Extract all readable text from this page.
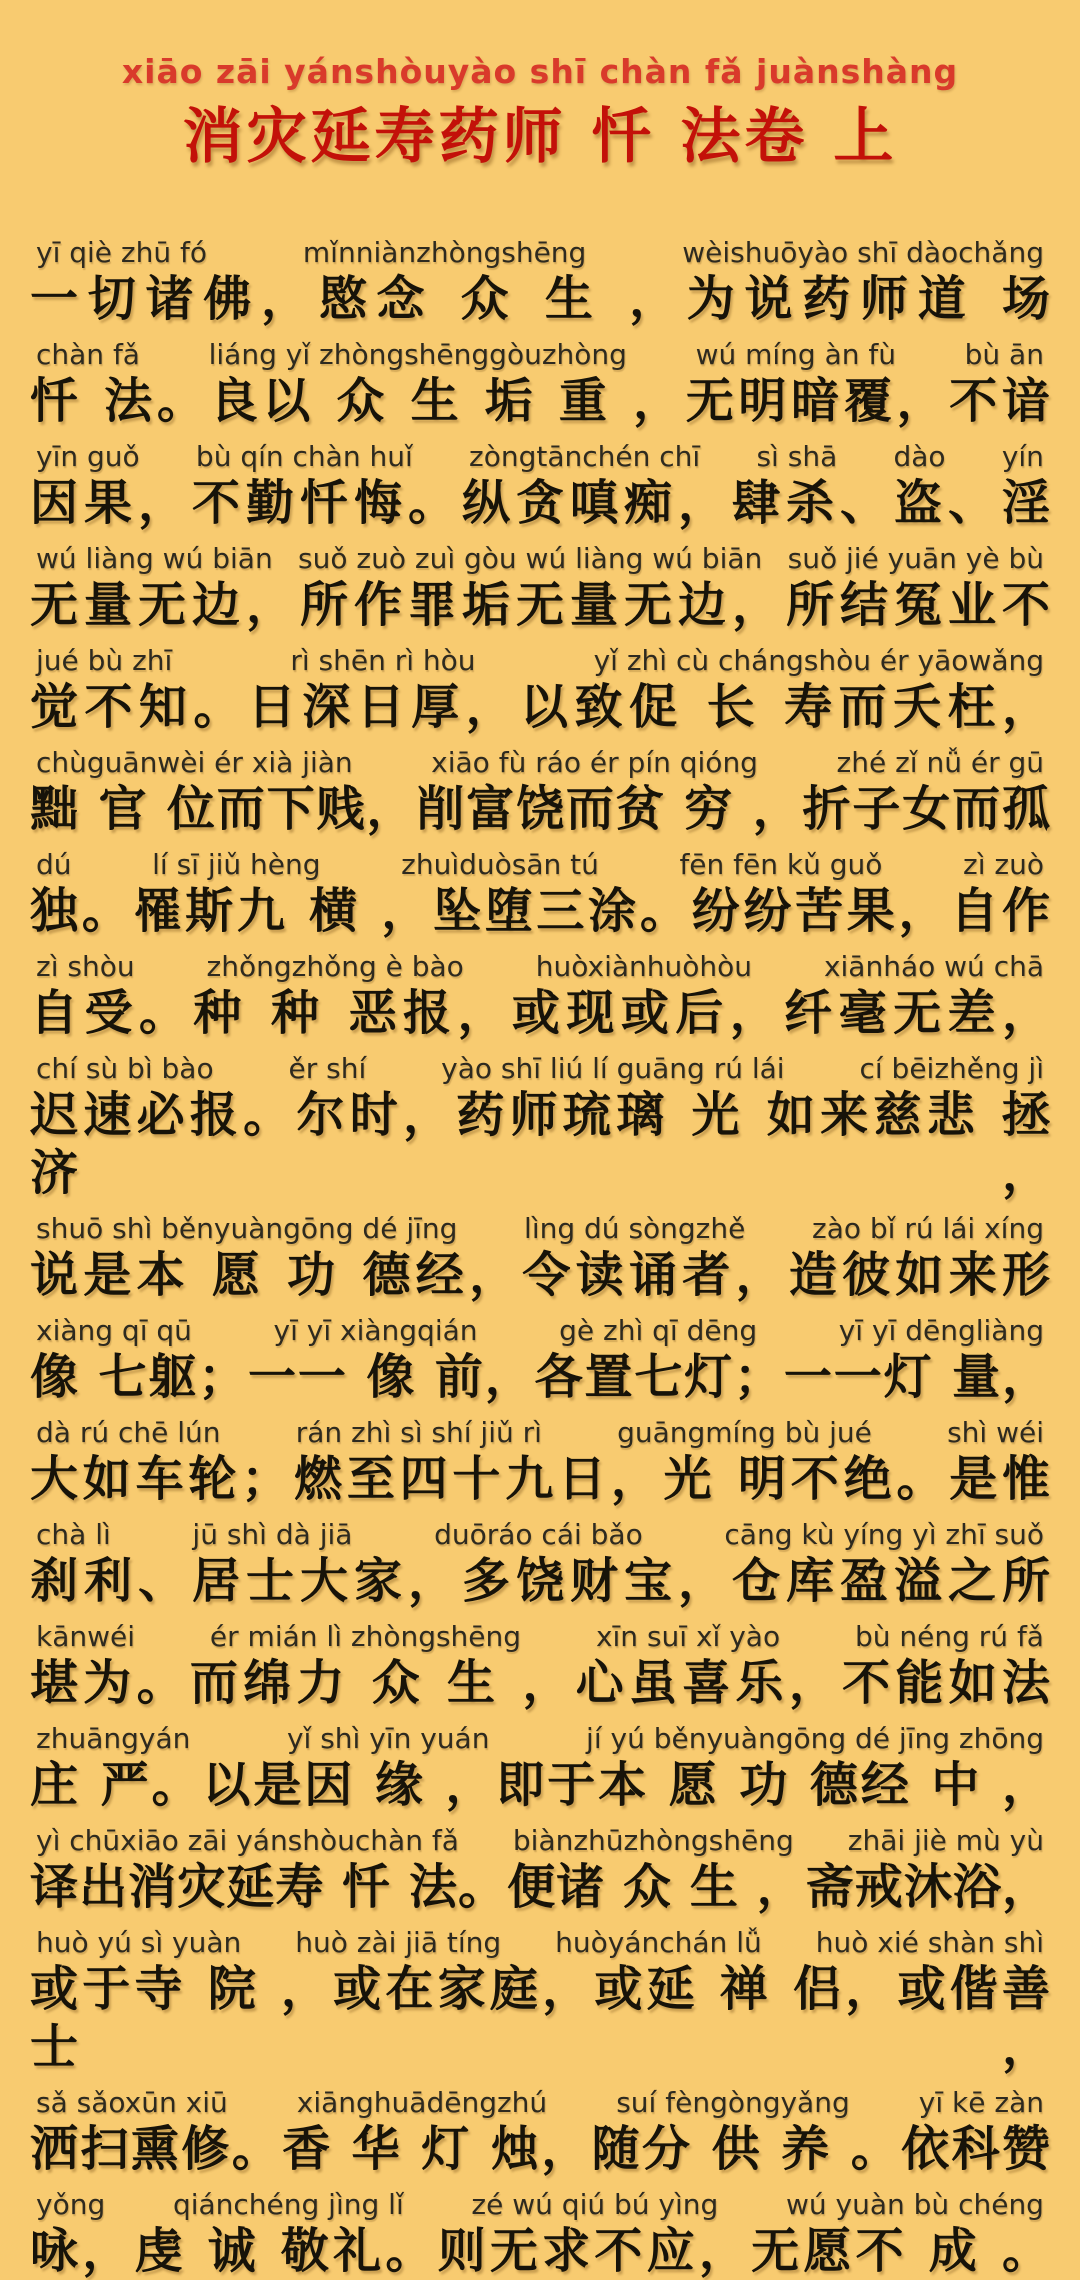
xiāo zāi yánshòuyào shī chàn fǎ juànshàng
消灾延寿药师 忏 法卷 上
yī qiè zhū fó	mǐnniànzhòngshēng	wèishuōyào shī dàochǎng
一切诸佛，愍念 众 生 ，为说药师道 场
chàn fǎ liáng yǐ zhòngshēnggòuzhòng wú míng àn fù bù ān
忏 法。良以 众 生 垢 重 ，无明暗覆，不谙
yīn guǒ bù qín chàn huǐ zòngtānchén chī sì shā dào yín
因果，不勤忏悔。纵贪嗔痴，肆杀、盗、淫
wú liàng wú biān suǒ zuò zuì gòu wú liàng wú biān suǒ jié yuān yè bù
无量无边，所作罪垢无量无边，所结冤业不
jué bù zhī	rì shēn rì hòu	yǐ zhì cù chángshòu ér yāowǎng
觉不知。日深日厚，以致促 长 寿而夭枉，
chùguānwèi ér xià jiàn	xiāo fù ráo ér pín qióng	zhé zǐ nǚ ér gū
黜 官 位而下贱，削富饶而贫 穷 ，折子女而孤
dú	lí sī jiǔ hèng	zhuìduòsān tú	fēn fēn kǔ guǒ	zì zuò
独。罹斯九 横 ，坠堕三涂。纷纷苦果，自作
zì shòu	zhǒngzhǒng è bào	huòxiànhuòhòu	xiānháo wú chā
自受。种 种 恶报，或现或后，纤毫无差，
chí sù bì bào	ěr shí	yào shī liú lí guāng rú lái	cí bēizhěng jì
迟速必报。尔时，药师琉璃 光 如来慈悲 拯 济，
shuō shì běnyuàngōng dé jīng lìng dú sòngzhě zào bǐ rú lái xíng
说是本 愿 功 德经，令读诵者，造彼如来形
xiàng qī qū	yī yī xiàngqián	gè zhì qī dēng	yī yī dēngliàng
像 七躯；一一 像 前，各置七灯；一一灯 量，
dà rú chē lún	rán zhì sì shí jiǔ rì	guāngmíng bù jué	shì wéi
大如车轮；燃至四十九日，光 明不绝。是惟
chà lì	jū shì dà jiā	duōráo cái bǎo	cāng kù yíng yì zhī suǒ
刹利、居士大家，多饶财宝，仓库盈溢之所
kānwéi	ér mián lì zhòngshēng	xīn suī xǐ yào	bù néng rú fǎ
堪为。而绵力 众 生 ，心虽喜乐，不能如法
zhuāngyán	yǐ shì yīn yuán	jí yú běnyuàngōng dé jīng zhōng
庄 严。以是因 缘 ，即于本 愿 功 德经 中 ，
yì chūxiāo zāi yánshòuchàn fǎ biànzhūzhòngshēng zhāi jiè mù yù
译出消灾延寿 忏 法。便诸 众 生 ，斋戒沐浴，
huò yú sì yuàn huò zài jiā tíng huòyánchán lǚ huò xié shàn shì
或于寺 院 ，或在家庭，或延 禅 侣，或偕善士，
sǎ sǎoxūn xiū xiānghuādēngzhú suí fèngòngyǎng yī kē zàn
洒扫熏修。香 华 灯 烛，随分 供 养 。依科赞
yǒng qiánchéng jìng lǐ zé wú qiú bú yìng wú yuàn bù chéng
咏，虔 诚 敬礼。则无求不应，无愿不 成 。
